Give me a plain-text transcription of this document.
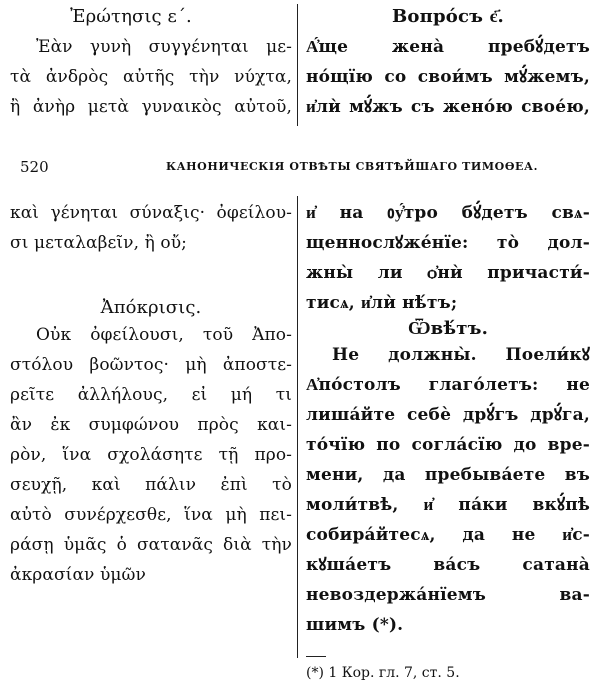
Ἐρώτησις ε΄.
Ἐὰν γυνὴ συγγένηται με-
τὰ ἀνδρὸς αὐτῆς τὴν νύχτα,
ἢ ἀνὴρ μετὰ γυναικὸς αὐτοῦ,
Вопро́съ є҃.
А҆́ще жена̀ пребꙋ́детъ
но́щїю со свои́мъ мꙋ́жемъ,
и҆лѝ мꙋ́жъ съ жено́ю свое́ю,
520	КАНОНИЧЕСКІЯ ОТВѢТЫ СВЯТѢЙШАГО ТИМОѲЕА.
καὶ γένηται σύναξις· ὀφείλου-
σι μεταλαβεῖν, ἢ οὔ;
Ἀπόκρισις.
Οὐκ ὀφείλουσι, τοῦ Ἀπο-
στόλου βοῶντος· μὴ ἀποστε-
ρεῖτε ἀλλήλους, εἰ μή τι
ἂν ἐκ συμφώνου πρὸς και-
ρὸν, ἵνα σχολάσητε τῇ προ-
σευχῇ, καὶ πάλιν ἐπὶ τὸ
αὐτὸ συνέρχεσθε, ἵνα μὴ πει-
ράσῃ ὑμᾶς ὁ σατανᾶς διὰ τὴν
ἀκρασίαν ὑμῶν
и҆ на ᲂу҆́тро бꙋ́детъ свѧ-
щеннослꙋже́нїе: то̀ дол-
жны̀ ли ѻ҆нѝ причасти́-
тисѧ, и҆лѝ нѣ́тъ;
Ѿвѣ́тъ.
Не должны̀. Поели́кꙋ
А҆по́столъ глаго́летъ: не
лиша́йте себѐ дрꙋ́гъ дрꙋ́га,
то́чїю по согла́сїю до вре-
мени, да пребыва́ете въ
моли́твѣ, и҆ па́ки вкꙋ́пѣ
собира́йтесѧ, да не и҆с-
кꙋша́етъ ва́съ сатана̀
невоздержа́нїемъ ва-
шимъ (*).
(*) 1 Кор. гл. 7, ст. 5.
